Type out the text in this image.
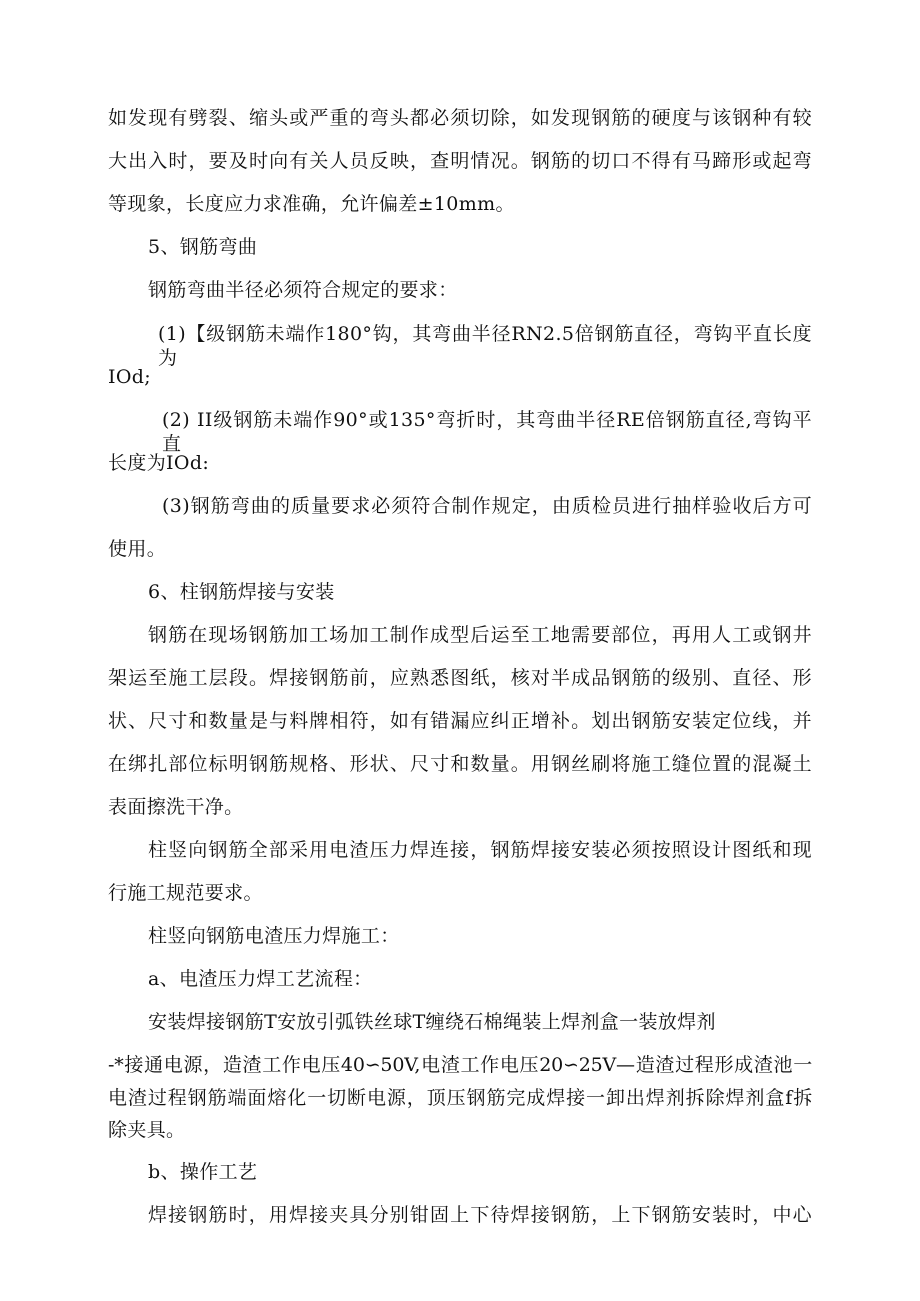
如发现有劈裂、缩头或严重的弯头都必须切除，如发现钢筋的硬度与该钢种有较
大出入时，要及时向有关人员反映，查明情况。钢筋的切口不得有马蹄形或起弯
等现象，长度应力求准确，允许偏差±10mm。
5、钢筋弯曲
钢筋弯曲半径必须符合规定的要求：
(1)【级钢筋未端作180°钩，其弯曲半径RN2.5倍钢筋直径，弯钩平直长度为
IOd;
(2) II级钢筋未端作90°或135°弯折时，其弯曲半径RE倍钢筋直径,弯钩平直
长度为IOd:
(3)钢筋弯曲的质量要求必须符合制作规定，由质检员进行抽样验收后方可
使用。
6、柱钢筋焊接与安装
钢筋在现场钢筋加工场加工制作成型后运至工地需要部位，再用人工或钢井
架运至施工层段。焊接钢筋前，应熟悉图纸，核对半成品钢筋的级别、直径、形
状、尺寸和数量是与料牌相符，如有错漏应纠正增补。划出钢筋安装定位线，并
在绑扎部位标明钢筋规格、形状、尺寸和数量。用钢丝刷将施工缝位置的混凝土
表面擦洗干净。
柱竖向钢筋全部采用电渣压力焊连接，钢筋焊接安装必须按照设计图纸和现
行施工规范要求。
柱竖向钢筋电渣压力焊施工：
a、电渣压力焊工艺流程：
安装焊接钢筋T安放引弧铁丝球T缠绕石棉绳装上焊剂盒一装放焊剂
-*接通电源，造渣工作电压40∽50V,电渣工作电压20∽25V—造渣过程形成渣池一
电渣过程钢筋端面熔化一切断电源，顶压钢筋完成焊接一卸出焊剂拆除焊剂盒f拆
除夹具。
b、操作工艺
焊接钢筋时，用焊接夹具分别钳固上下待焊接钢筋，上下钢筋安装时，中心
